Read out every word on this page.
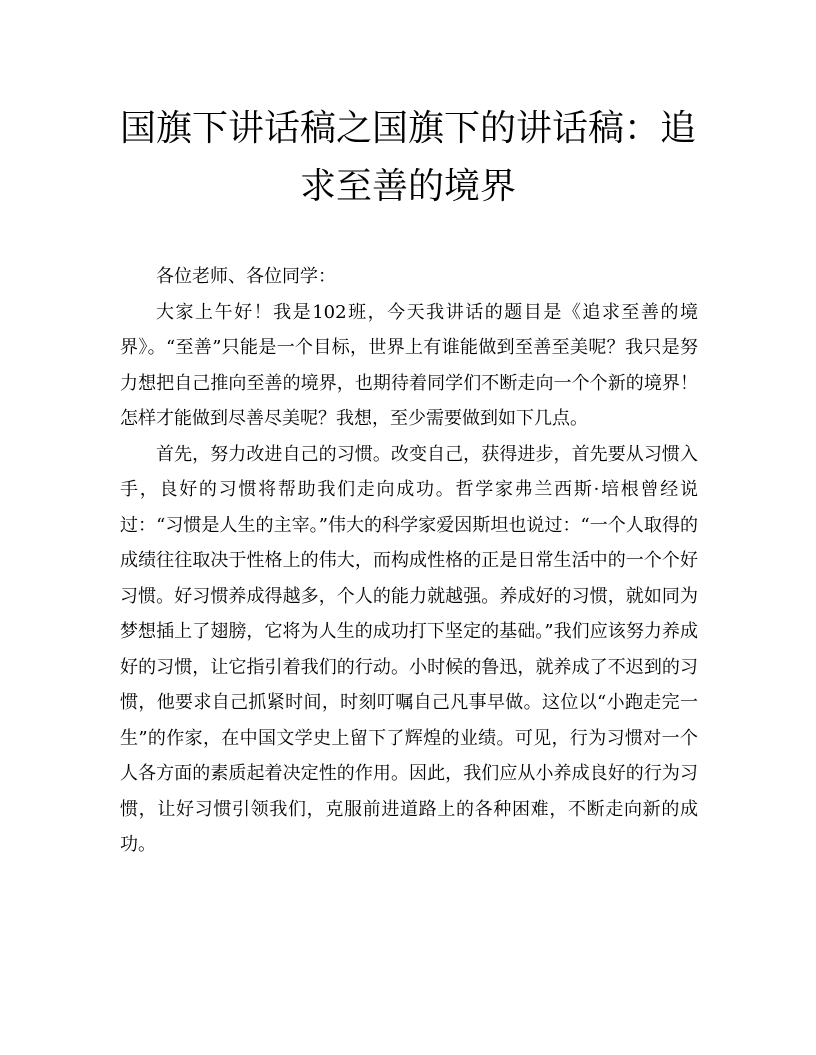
国旗下讲话稿之国旗下的讲话稿：追求至善的境界

各位老师、各位同学：

大家上午好！我是102班，今天我讲话的题目是《追求至善的境界》。“至善”只能是一个目标，世界上有谁能做到至善至美呢？我只是努力想把自己推向至善的境界，也期待着同学们不断走向一个个新的境界！怎样才能做到尽善尽美呢？我想，至少需要做到如下几点。

首先，努力改进自己的习惯。改变自己，获得进步，首先要从习惯入手，良好的习惯将帮助我们走向成功。哲学家弗兰西斯·培根曾经说过：“习惯是人生的主宰。”伟大的科学家爱因斯坦也说过：“一个人取得的成绩往往取决于性格上的伟大，而构成性格的正是日常生活中的一个个好习惯。好习惯养成得越多，个人的能力就越强。养成好的习惯，就如同为梦想插上了翅膀，它将为人生的成功打下坚定的基础。”我们应该努力养成好的习惯，让它指引着我们的行动。小时候的鲁迅，就养成了不迟到的习惯，他要求自己抓紧时间，时刻叮嘱自己凡事早做。这位以“小跑走完一生”的作家，在中国文学史上留下了辉煌的业绩。可见，行为习惯对一个人各方面的素质起着决定性的作用。因此，我们应从小养成良好的行为习惯，让好习惯引领我们，克服前进道路上的各种困难，不断走向新的成功。
